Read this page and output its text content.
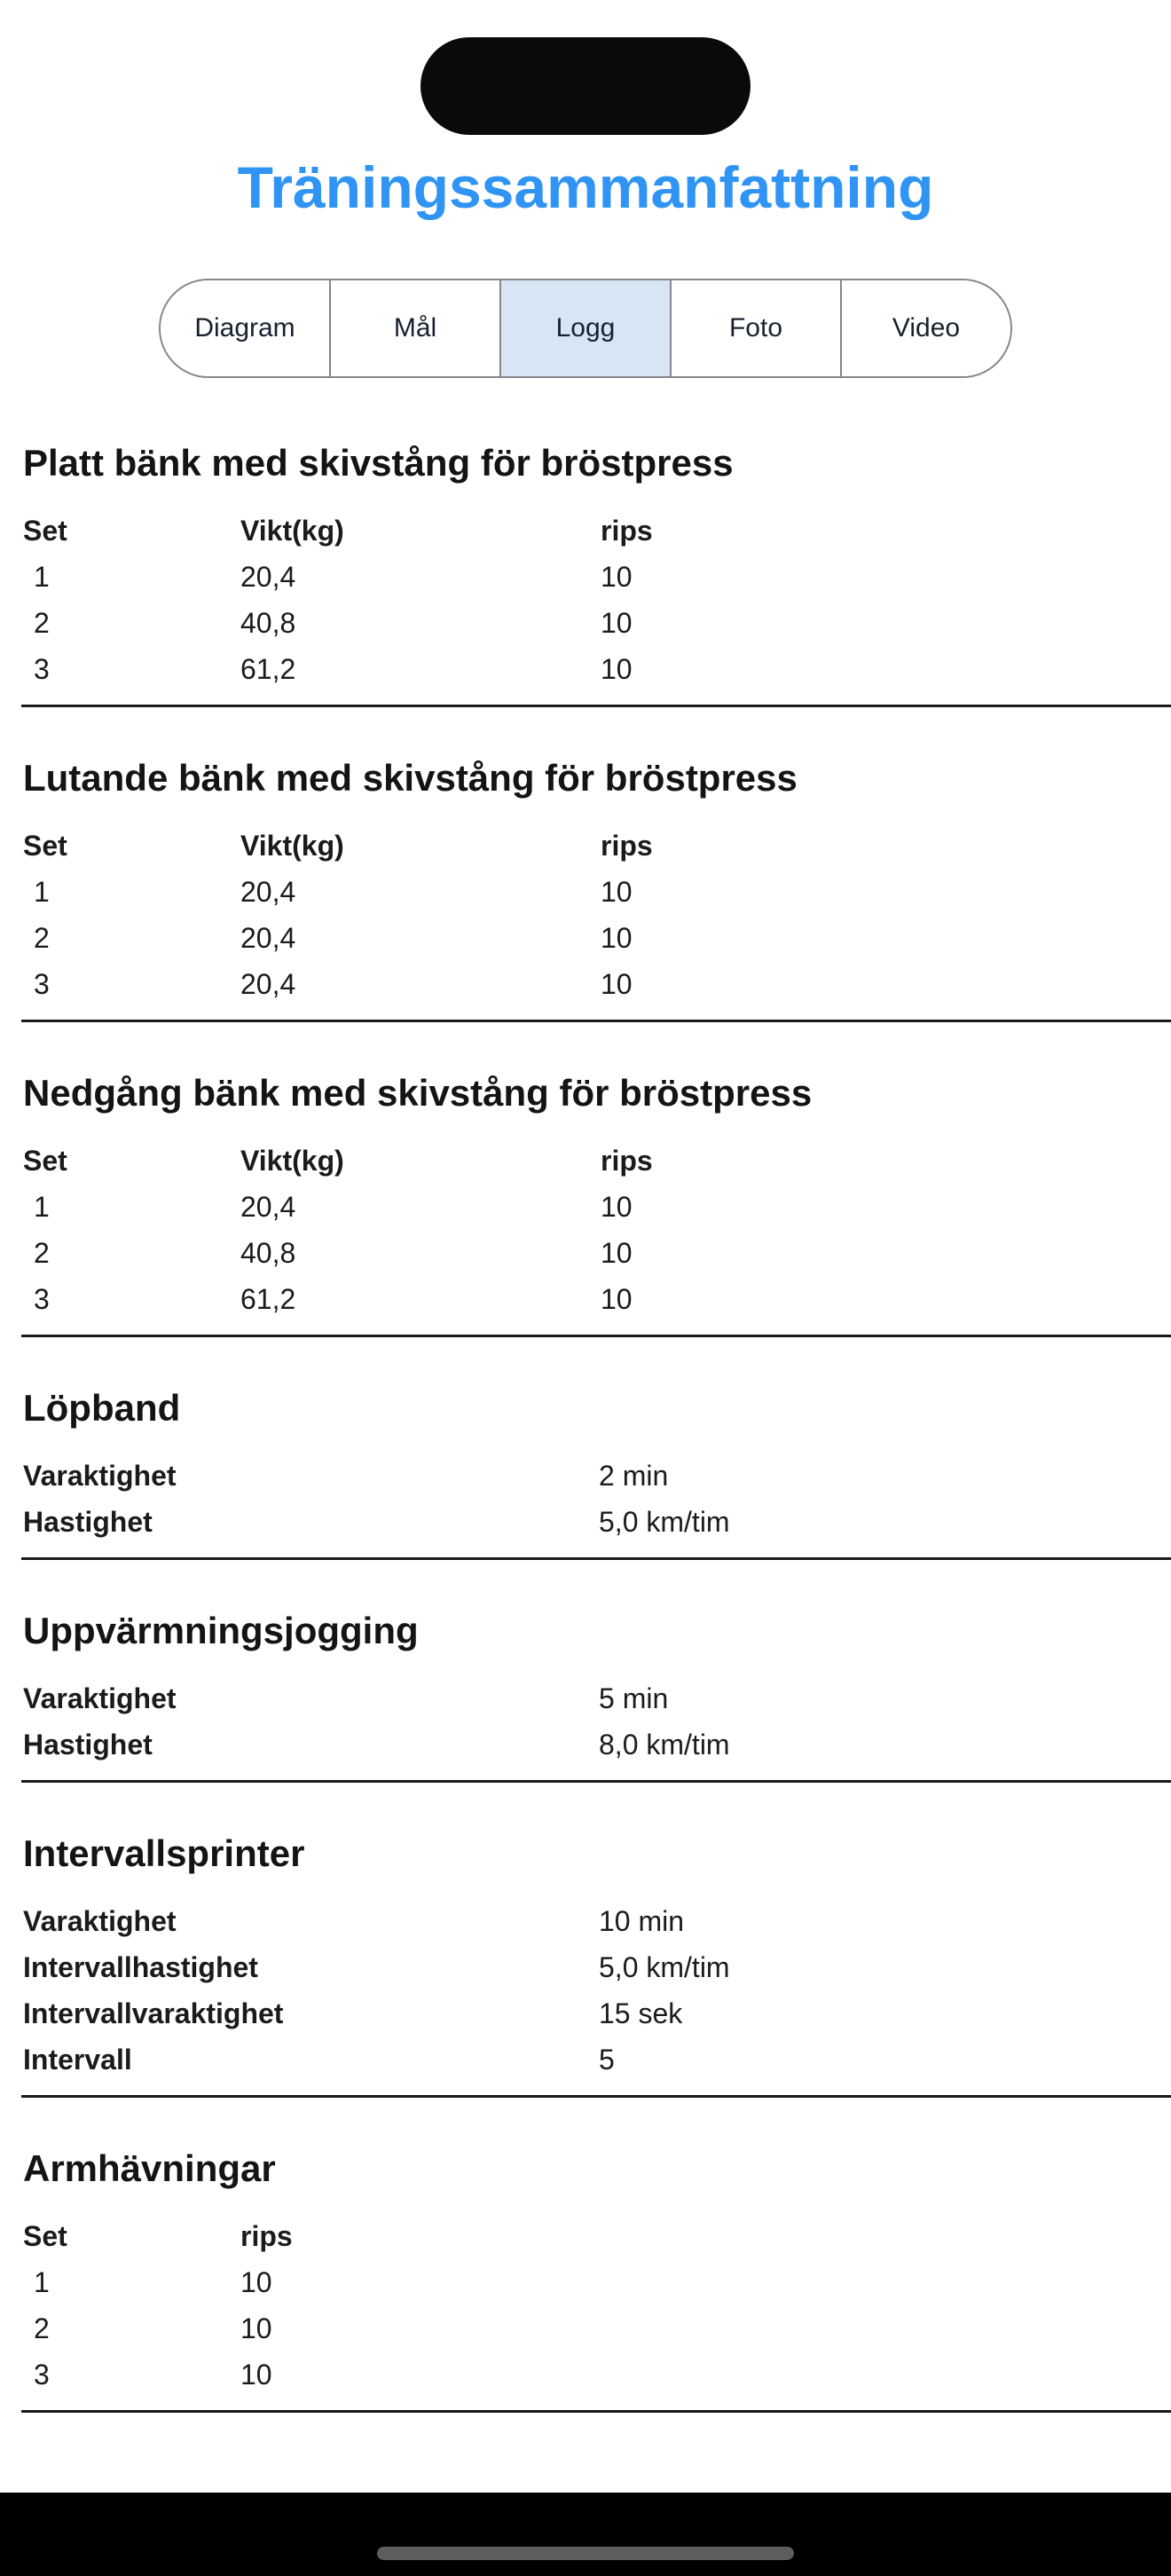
Träningssammanfattning
Diagram	Mål	Logg	Foto	Video
Platt bänk med skivstång för bröstpress
Set	Vikt(kg)	rips
1	20,4	10
2	40,8	10
3	61,2	10
Lutande bänk med skivstång för bröstpress
Set	Vikt(kg)	rips
1	20,4	10
2	20,4	10
3	20,4	10
Nedgång bänk med skivstång för bröstpress
Set	Vikt(kg)	rips
1	20,4	10
2	40,8	10
3	61,2	10
Löpband
Varaktighet	2 min
Hastighet	5,0 km/tim
Uppvärmningsjogging
Varaktighet	5 min
Hastighet	8,0 km/tim
Intervallsprinter
Varaktighet	10 min
Intervallhastighet	5,0 km/tim
Intervallvaraktighet	15 sek
Intervall	5
Armhävningar
Set	rips
1	10
2	10
3	10
